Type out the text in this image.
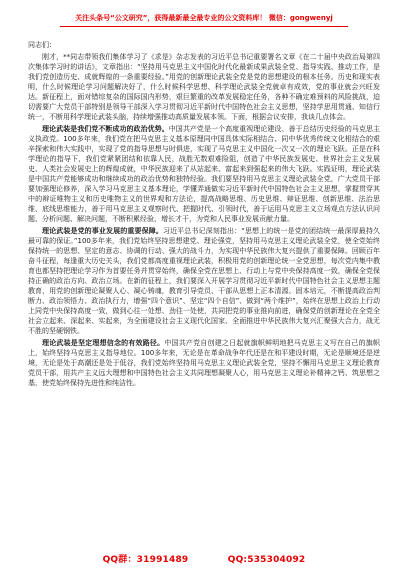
关注头条号“公文研究”，获得最新最全最专业的公文资料库！ 微信：gongwenyj
同志们：

刚才，**同志带领我们集体学习了《求是》杂志发表的习近平总书记重要署名文章《在二十届中央政治局第四次集体学习时的讲话》，文章指出：“坚持用马克思主义中国化时代化最新成果武装全党、指导实践、推动工作，是我们党创造历史、成就辉煌的一条重要经验。”用党的创新理论武装全党是党的思想建设的根本任务。历史和现实表明，什么时候理论学习问题解决好了，什么时候科学思想、科学理论武装全党就卓有成效，党的事业就会兴旺发达。新征程上，面对错综复杂的国际国内形势，艰巨繁重的改革发展稳定任务，各种不确定难预料的风险挑战，迫切需要广大党员干部特别是领导干部深入学习贯彻习近平新时代中国特色社会主义思想，坚持学思用贯通、知信行统一，不断用科学理论武装头脑，持续增强推动高质量发展本领。下面，根据会议安排，我谈几点体会。

理论武装是我们党不断成功的政治优势。中国共产党是一个高度重视理论建设、善于总结历史经验的马克思主义执政党。100多年来，我们党在把马克思主义基本原理同中国具体实际相结合、同中华优秀传统文化相结合的艰辛探索和伟大实践中，实现了党的指导思想与时俱进，实现了马克思主义中国化一次又一次的理论飞跃。正是在科学理论的指导下，我们党紧紧团结和依靠人民，战胜无数艰难险阻，创造了中华民族发展史、世界社会主义发展史、人类社会发展史上的辉煌成就，中华民族迎来了从站起来、富起来到强起来的伟大飞跃。实践证明，理论武装是中国共产党能够成功和继续成功的政治优势和独特经验。我们要坚持用马克思主义理论武装全党，广大党员干部要加强理论修养，深入学习马克思主义基本理论，学懂弄通做实习近平新时代中国特色社会主义思想，掌握贯穿其中的辩证唯物主义和历史唯物主义的世界观和方法论，提高战略思维、历史思维、辩证思维、创新思维、法治思维、底线思维能力，善于用马克思主义观察时代、把握时代、引领时代，善于运用马克思主义立场观点方法认识问题、分析问题、解决问题，不断积累经验、增长才干，为党和人民事业发展贡献力量。

理论武装是党的事业发展的重要保障。习近平总书记深刻指出：“思想上的统一是党的团结统一最深厚最持久最可靠的保证。”100多年来，我们党始终坚持思想建党、理论强党，坚持用马克思主义理论武装全党，使全党始终保持统一的思想、坚定的意志、协调的行动、强大的战斗力，为实现中华民族伟大复兴提供了重要保障。回顾百年奋斗征程，每逢重大历史关头，我们党都高度重视理论武装，积极用党的创新理论统一全党思想，每次党内集中教育也都坚持把理论学习作为首要任务并贯穿始终，确保全党在思想上、行动上与党中央保持高度一致，确保全党保持正确的政治方向、政治立场。在新的征程上，我们要深入开展学习贯彻习近平新时代中国特色社会主义思想主题教育，用党的创新理论凝聚人心、凝心铸魂，教育引导党员、干部从思想上正本清源、固本培元，不断提高政治判断力、政治领悟力、政治执行力，增强“四个意识”、坚定“四个自信”、做到“两个维护”，始终在思想上政治上行动上同党中央保持高度一致，做到心往一处想、劲往一处使，共同把党的事业推向前进，确保党的创新理论在全党全社会立起来、深起来、实起来，为全面建设社会主义现代化国家、全面推进中华民族伟大复兴汇聚强大合力，战无不胜的坚硬钢铁。

理论武装是坚定理想信念的有效路径。中国共产党自创建之日起就旗帜鲜明地把马克思主义写在自己的旗帜上，始终坚持马克思主义指导地位。100多年来，无论是在革命战争年代还是在和平建设时期，无论是顺境还是逆境，无论是处于高潮还是处于低谷，我们党始终坚持用马克思主义理论武装全党，坚持不懈用马克思主义理论教育党员干部，用共产主义远大理想和中国特色社会主义共同理想凝聚人心，用马克思主义理论补精神之钙、筑思想之基，使党始终保持先进性和纯洁性。

QQ群：31991489	QQ:535304092
